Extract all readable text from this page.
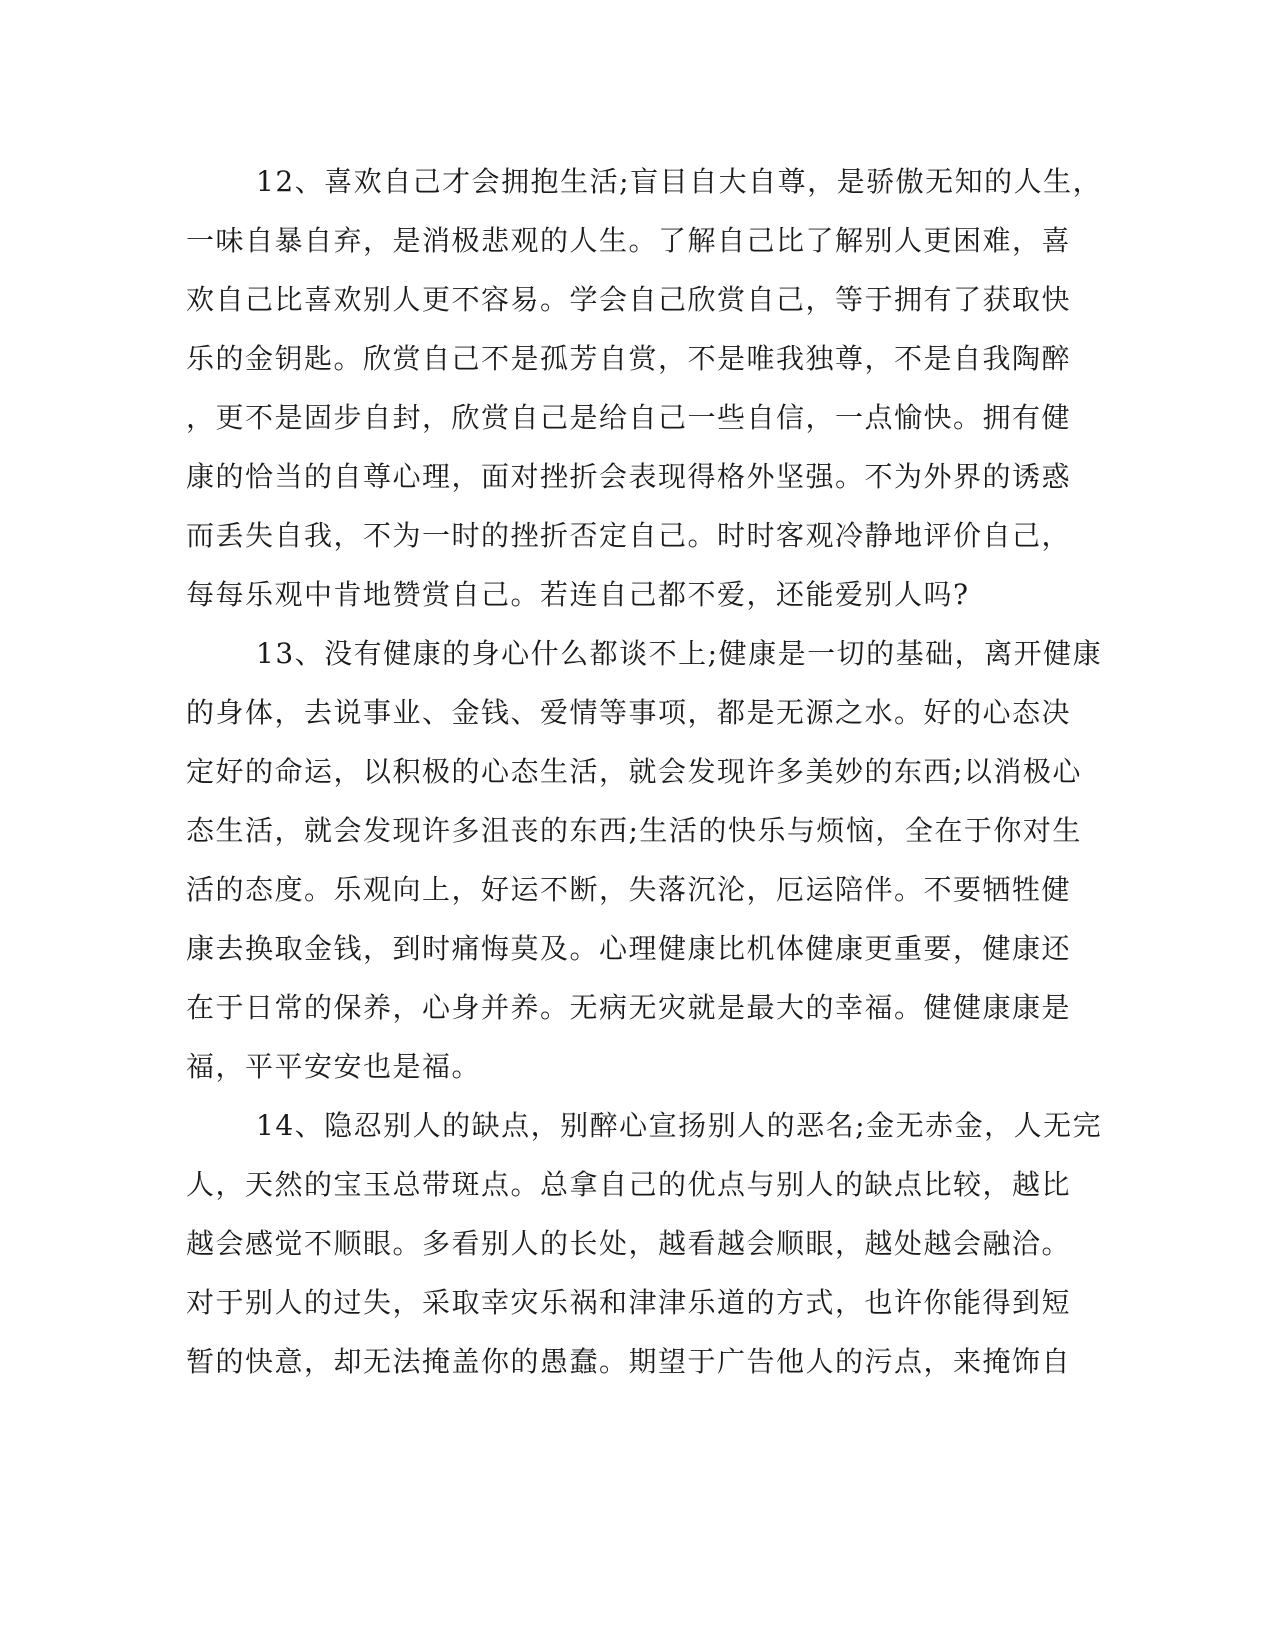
12、喜欢自己才会拥抱生活;盲目自大自尊，是骄傲无知的人生，

一味自暴自弃，是消极悲观的人生。了解自己比了解别人更困难，喜

欢自己比喜欢别人更不容易。学会自己欣赏自己，等于拥有了获取快

乐的金钥匙。欣赏自己不是孤芳自赏，不是唯我独尊，不是自我陶醉

，更不是固步自封，欣赏自己是给自己一些自信，一点愉快。拥有健

康的恰当的自尊心理，面对挫折会表现得格外坚强。不为外界的诱惑

而丢失自我，不为一时的挫折否定自己。时时客观冷静地评价自己，

每每乐观中肯地赞赏自己。若连自己都不爱，还能爱别人吗?

13、没有健康的身心什么都谈不上;健康是一切的基础，离开健康

的身体，去说事业、金钱、爱情等事项，都是无源之水。好的心态决

定好的命运，以积极的心态生活，就会发现许多美妙的东西;以消极心

态生活，就会发现许多沮丧的东西;生活的快乐与烦恼，全在于你对生

活的态度。乐观向上，好运不断，失落沉沦，厄运陪伴。不要牺牲健

康去换取金钱，到时痛悔莫及。心理健康比机体健康更重要，健康还

在于日常的保养，心身并养。无病无灾就是最大的幸福。健健康康是

福，平平安安也是福。

14、隐忍别人的缺点，别醉心宣扬别人的恶名;金无赤金，人无完

人，天然的宝玉总带斑点。总拿自己的优点与别人的缺点比较，越比

越会感觉不顺眼。多看别人的长处，越看越会顺眼，越处越会融洽。

对于别人的过失，采取幸灾乐祸和津津乐道的方式，也许你能得到短

暂的快意，却无法掩盖你的愚蠢。期望于广告他人的污点，来掩饰自
